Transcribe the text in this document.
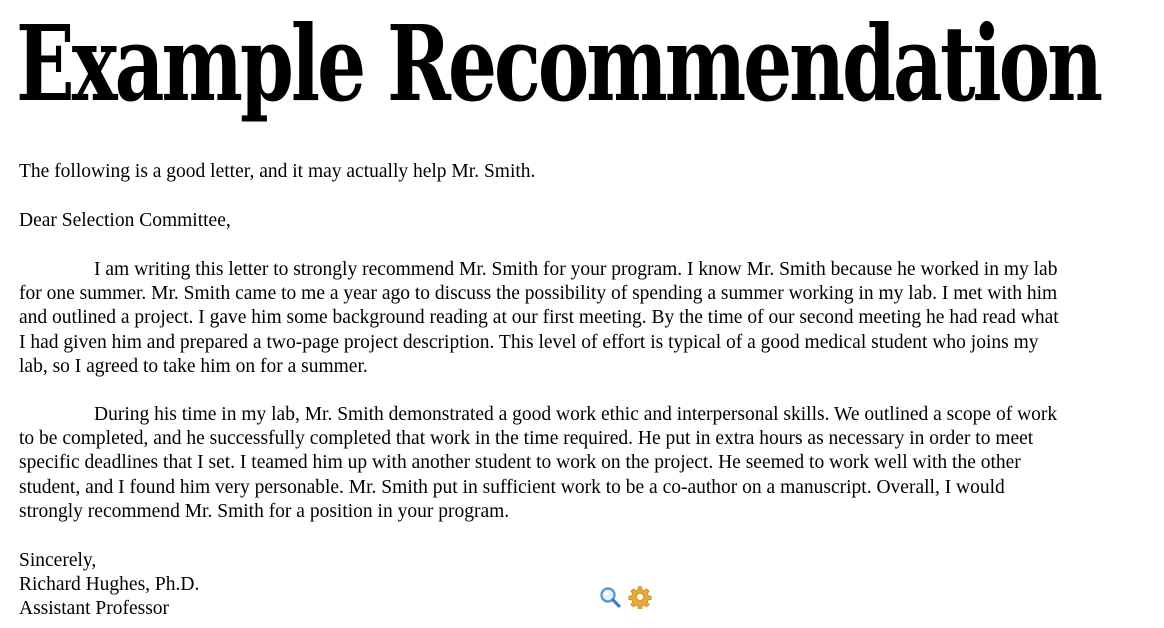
Example Recommendation

The following is a good letter, and it may actually help Mr. Smith.

Dear Selection Committee,

I am writing this letter to strongly recommend Mr. Smith for your program. I know Mr. Smith because he worked in my lab
for one summer. Mr. Smith came to me a year ago to discuss the possibility of spending a summer working in my lab. I met with him
and outlined a project. I gave him some background reading at our first meeting. By the time of our second meeting he had read what
I had given him and prepared a two-page project description. This level of effort is typical of a good medical student who joins my
lab, so I agreed to take him on for a summer.
During his time in my lab, Mr. Smith demonstrated a good work ethic and interpersonal skills. We outlined a scope of work
to be completed, and he successfully completed that work in the time required. He put in extra hours as necessary in order to meet
specific deadlines that I set. I teamed him up with another student to work on the project. He seemed to work well with the other
student, and I found him very personable. Mr. Smith put in sufficient work to be a co-author on a manuscript. Overall, I would
strongly recommend Mr. Smith for a position in your program.
Sincerely,
Richard Hughes, Ph.D.
Assistant Professor
